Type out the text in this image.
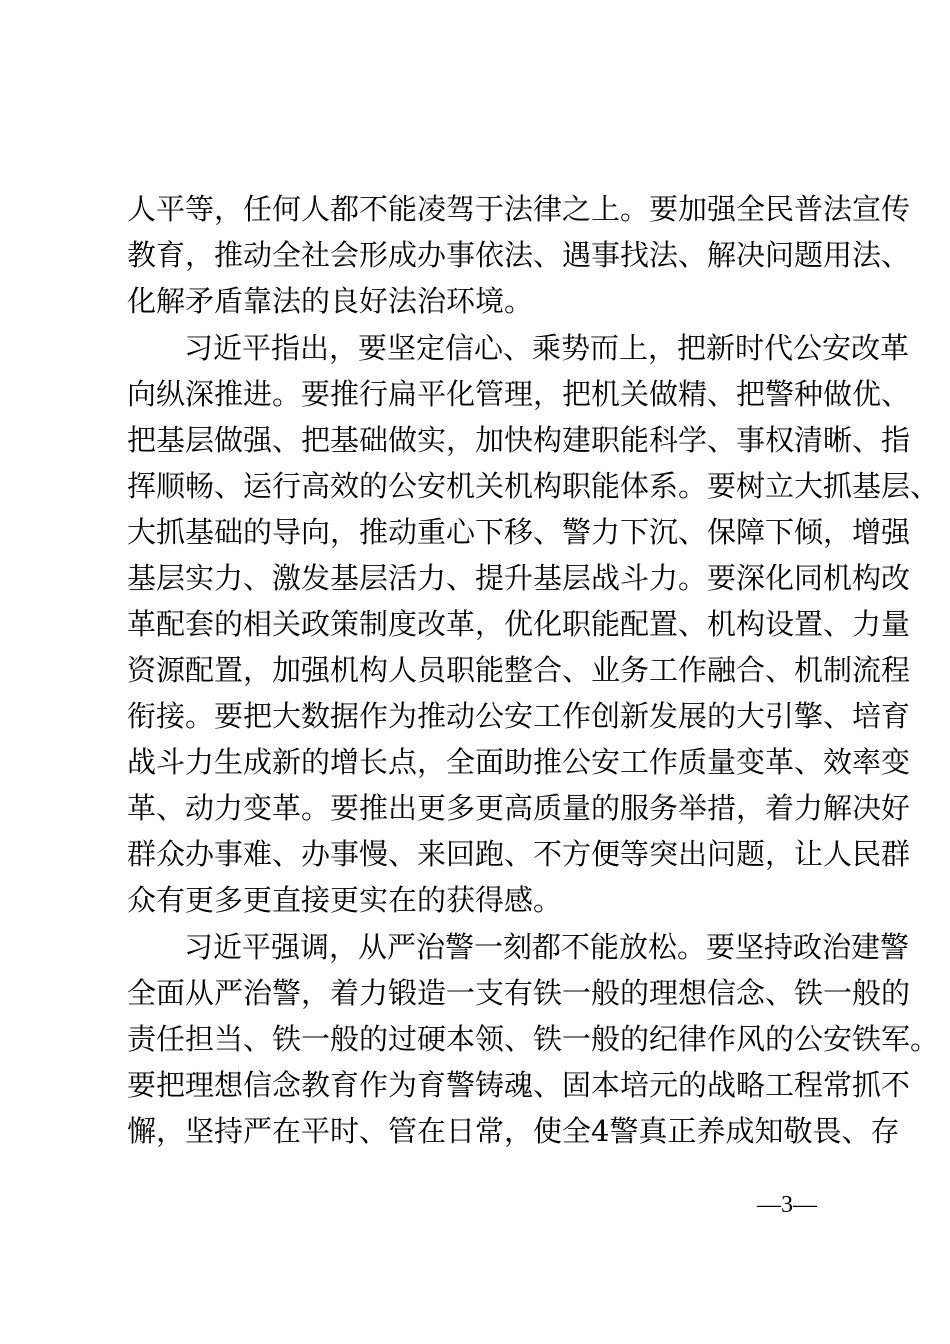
人平等，任何人都不能凌驾于法律之上。要加强全民普法宣传
教育，推动全社会形成办事依法、遇事找法、解决问题用法、
化解矛盾靠法的良好法治环境。
习近平指出，要坚定信心、乘势而上，把新时代公安改革
向纵深推进。要推行扁平化管理，把机关做精、把警种做优、
把基层做强、把基础做实，加快构建职能科学、事权清晰、指
挥顺畅、运行高效的公安机关机构职能体系。要树立大抓基层、
大抓基础的导向，推动重心下移、警力下沉、保障下倾，增强
基层实力、激发基层活力、提升基层战斗力。要深化同机构改
革配套的相关政策制度改革，优化职能配置、机构设置、力量
资源配置，加强机构人员职能整合、业务工作融合、机制流程
衔接。要把大数据作为推动公安工作创新发展的大引擎、培育
战斗力生成新的增长点，全面助推公安工作质量变革、效率变
革、动力变革。要推出更多更高质量的服务举措，着力解决好
群众办事难、办事慢、来回跑、不方便等突出问题，让人民群
众有更多更直接更实在的获得感。
习近平强调，从严治警一刻都不能放松。要坚持政治建警
全面从严治警，着力锻造一支有铁一般的理想信念、铁一般的
责任担当、铁一般的过硬本领、铁一般的纪律作风的公安铁军。
要把理想信念教育作为育警铸魂、固本培元的战略工程常抓不
懈，坚持严在平时、管在日常，使全4警真正养成知敬畏、存
—3—
